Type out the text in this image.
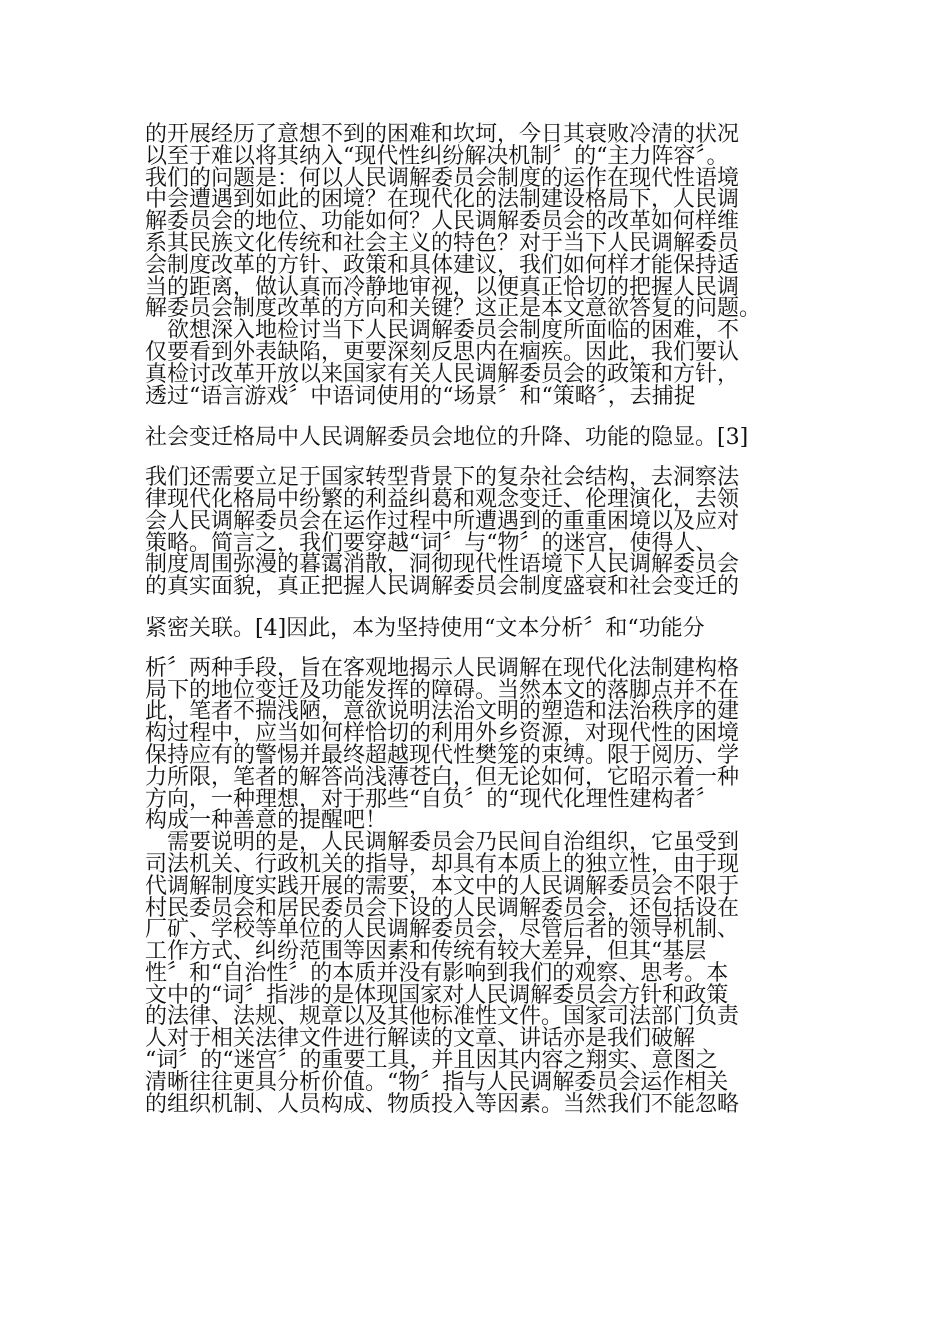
的开展经历了意想不到的困难和坎坷，今日其衰败冷清的状况
以至于难以将其纳入“现代性纠纷解决机制〞的“主力阵容〞。
我们的问题是：何以人民调解委员会制度的运作在现代性语境
中会遭遇到如此的困境？在现代化的法制建设格局下，人民调
解委员会的地位、功能如何？人民调解委员会的改革如何样维
系其民族文化传统和社会主义的特色？对于当下人民调解委员
会制度改革的方针、政策和具体建议，我们如何样才能保持适
当的距离，做认真而冷静地审视，以便真正恰切的把握人民调
解委员会制度改革的方向和关键？这正是本文意欲答复的问题。
欲想深入地检讨当下人民调解委员会制度所面临的困难，不
仅要看到外表缺陷，更要深刻反思内在痼疾。因此，我们要认
真检讨改革开放以来国家有关人民调解委员会的政策和方针，
透过“语言游戏〞中语词使用的“场景〞和“策略〞，去捕捉
社会变迁格局中人民调解委员会地位的升降、功能的隐显。[3]
我们还需要立足于国家转型背景下的复杂社会结构，去洞察法
律现代化格局中纷繁的利益纠葛和观念变迁、伦理演化，去领
会人民调解委员会在运作过程中所遭遇到的重重困境以及应对
策略。简言之，我们要穿越“词〞与“物〞的迷宫，使得人、
制度周围弥漫的暮霭消散，洞彻现代性语境下人民调解委员会
的真实面貌，真正把握人民调解委员会制度盛衰和社会变迁的
紧密关联。[4]因此，本为坚持使用“文本分析〞和“功能分
析〞两种手段，旨在客观地揭示人民调解在现代化法制建构格
局下的地位变迁及功能发挥的障碍。当然本文的落脚点并不在
此，笔者不揣浅陋，意欲说明法治文明的塑造和法治秩序的建
构过程中，应当如何样恰切的利用外乡资源，对现代性的困境
保持应有的警惕并最终超越现代性樊笼的束缚。限于阅历、学
力所限，笔者的解答尚浅薄苍白，但无论如何，它昭示着一种
方向，一种理想，对于那些“自负〞的“现代化理性建构者〞
构成一种善意的提醒吧！
需要说明的是，人民调解委员会乃民间自治组织，它虽受到
司法机关、行政机关的指导，却具有本质上的独立性，由于现
代调解制度实践开展的需要，本文中的人民调解委员会不限于
村民委员会和居民委员会下设的人民调解委员会，还包括设在
厂矿、学校等单位的人民调解委员会，尽管后者的领导机制、
工作方式、纠纷范围等因素和传统有较大差异，但其“基层
性〞和“自治性〞的本质并没有影响到我们的观察、思考。本
文中的“词〞指涉的是体现国家对人民调解委员会方针和政策
的法律、法规、规章以及其他标准性文件。国家司法部门负责
人对于相关法律文件进行解读的文章、讲话亦是我们破解
“词〞的“迷宫〞的重要工具，并且因其内容之翔实、意图之
清晰往往更具分析价值。“物〞指与人民调解委员会运作相关
的组织机制、人员构成、物质投入等因素。当然我们不能忽略
